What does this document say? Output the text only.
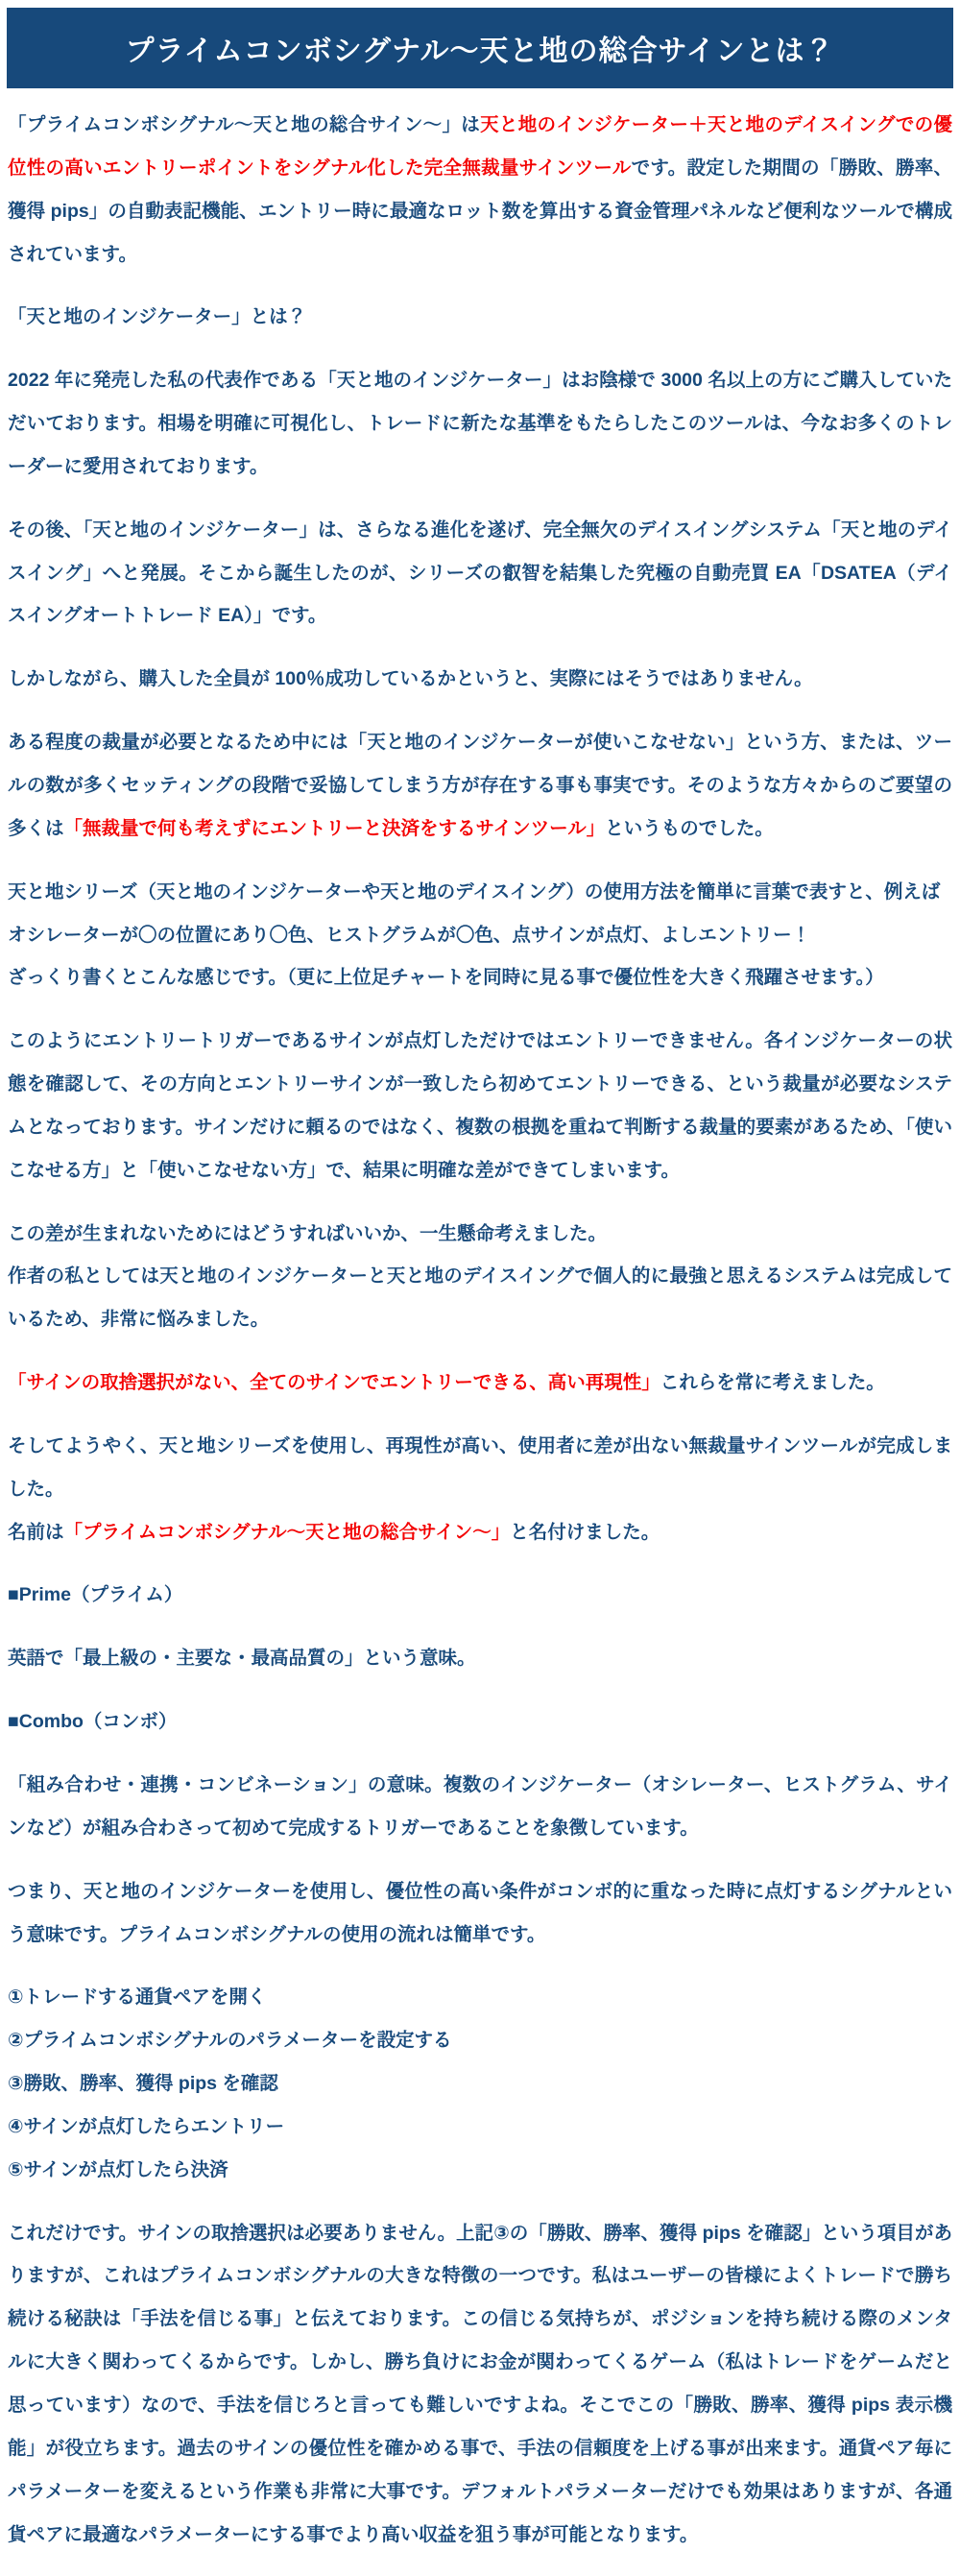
プライムコンボシグナル～天と地の総合サインとは？
「プライムコンボシグナル～天と地の総合サイン～」は天と地のインジケーター＋天と地のデイスイングでの優位性の高いエントリーポイントをシグナル化した完全無裁量サインツールです。設定した期間の「勝敗、勝率、獲得 pips」の自動表記機能、エントリー時に最適なロット数を算出する資金管理パネルなど便利なツールで構成されています。
「天と地のインジケーター」とは？
2022 年に発売した私の代表作である「天と地のインジケーター」はお陰様で 3000 名以上の方にご購入していただいております。相場を明確に可視化し、トレードに新たな基準をもたらしたこのツールは、今なお多くのトレーダーに愛用されております。
その後、「天と地のインジケーター」は、さらなる進化を遂げ、完全無欠のデイスイングシステム「天と地のデイスイング」へと発展。そこから誕生したのが、シリーズの叡智を結集した究極の自動売買 EA「DSATEA（デイスイングオートトレード EA）」です。
しかしながら、購入した全員が 100％成功しているかというと、実際にはそうではありません。
ある程度の裁量が必要となるため中には「天と地のインジケーターが使いこなせない」という方、または、ツールの数が多くセッティングの段階で妥協してしまう方が存在する事も事実です。そのような方々からのご要望の多くは「無裁量で何も考えずにエントリーと決済をするサインツール」というものでした。
天と地シリーズ（天と地のインジケーターや天と地のデイスイング）の使用方法を簡単に言葉で表すと、例えば
オシレーターが〇の位置にあり〇色、ヒストグラムが〇色、点サインが点灯、よしエントリー！
ざっくり書くとこんな感じです。（更に上位足チャートを同時に見る事で優位性を大きく飛躍させます。）
このようにエントリートリガーであるサインが点灯しただけではエントリーできません。各インジケーターの状態を確認して、その方向とエントリーサインが一致したら初めてエントリーできる、という裁量が必要なシステムとなっております。サインだけに頼るのではなく、複数の根拠を重ねて判断する裁量的要素があるため、「使いこなせる方」と「使いこなせない方」で、結果に明確な差ができてしまいます。
この差が生まれないためにはどうすればいいか、一生懸命考えました。
作者の私としては天と地のインジケーターと天と地のデイスイングで個人的に最強と思えるシステムは完成しているため、非常に悩みました。
「サインの取捨選択がない、全てのサインでエントリーできる、高い再現性」これらを常に考えました。
そしてようやく、天と地シリーズを使用し、再現性が高い、使用者に差が出ない無裁量サインツールが完成しました。
名前は「プライムコンボシグナル～天と地の総合サイン～」と名付けました。
■Prime（プライム）
英語で「最上級の・主要な・最高品質の」という意味。
■Combo（コンボ）
「組み合わせ・連携・コンビネーション」の意味。複数のインジケーター（オシレーター、ヒストグラム、サインなど）が組み合わさって初めて完成するトリガーであることを象徴しています。
つまり、天と地のインジケーターを使用し、優位性の高い条件がコンボ的に重なった時に点灯するシグナルという意味です。プライムコンボシグナルの使用の流れは簡単です。
①トレードする通貨ペアを開く
②プライムコンボシグナルのパラメーターを設定する
③勝敗、勝率、獲得 pips を確認
④サインが点灯したらエントリー
⑤サインが点灯したら決済
これだけです。サインの取捨選択は必要ありません。上記③の「勝敗、勝率、獲得 pips を確認」という項目がありますが、これはプライムコンボシグナルの大きな特徴の一つです。私はユーザーの皆様によくトレードで勝ち続ける秘訣は「手法を信じる事」と伝えております。この信じる気持ちが、ポジションを持ち続ける際のメンタルに大きく関わってくるからです。しかし、勝ち負けにお金が関わってくるゲーム（私はトレードをゲームだと思っています）なので、手法を信じろと言っても難しいですよね。そこでこの「勝敗、勝率、獲得 pips 表示機能」が役立ちます。過去のサインの優位性を確かめる事で、手法の信頼度を上げる事が出来ます。通貨ペア毎にパラメーターを変えるという作業も非常に大事です。デフォルトパラメーターだけでも効果はありますが、各通貨ペアに最適なパラメーターにする事でより高い収益を狙う事が可能となります。
